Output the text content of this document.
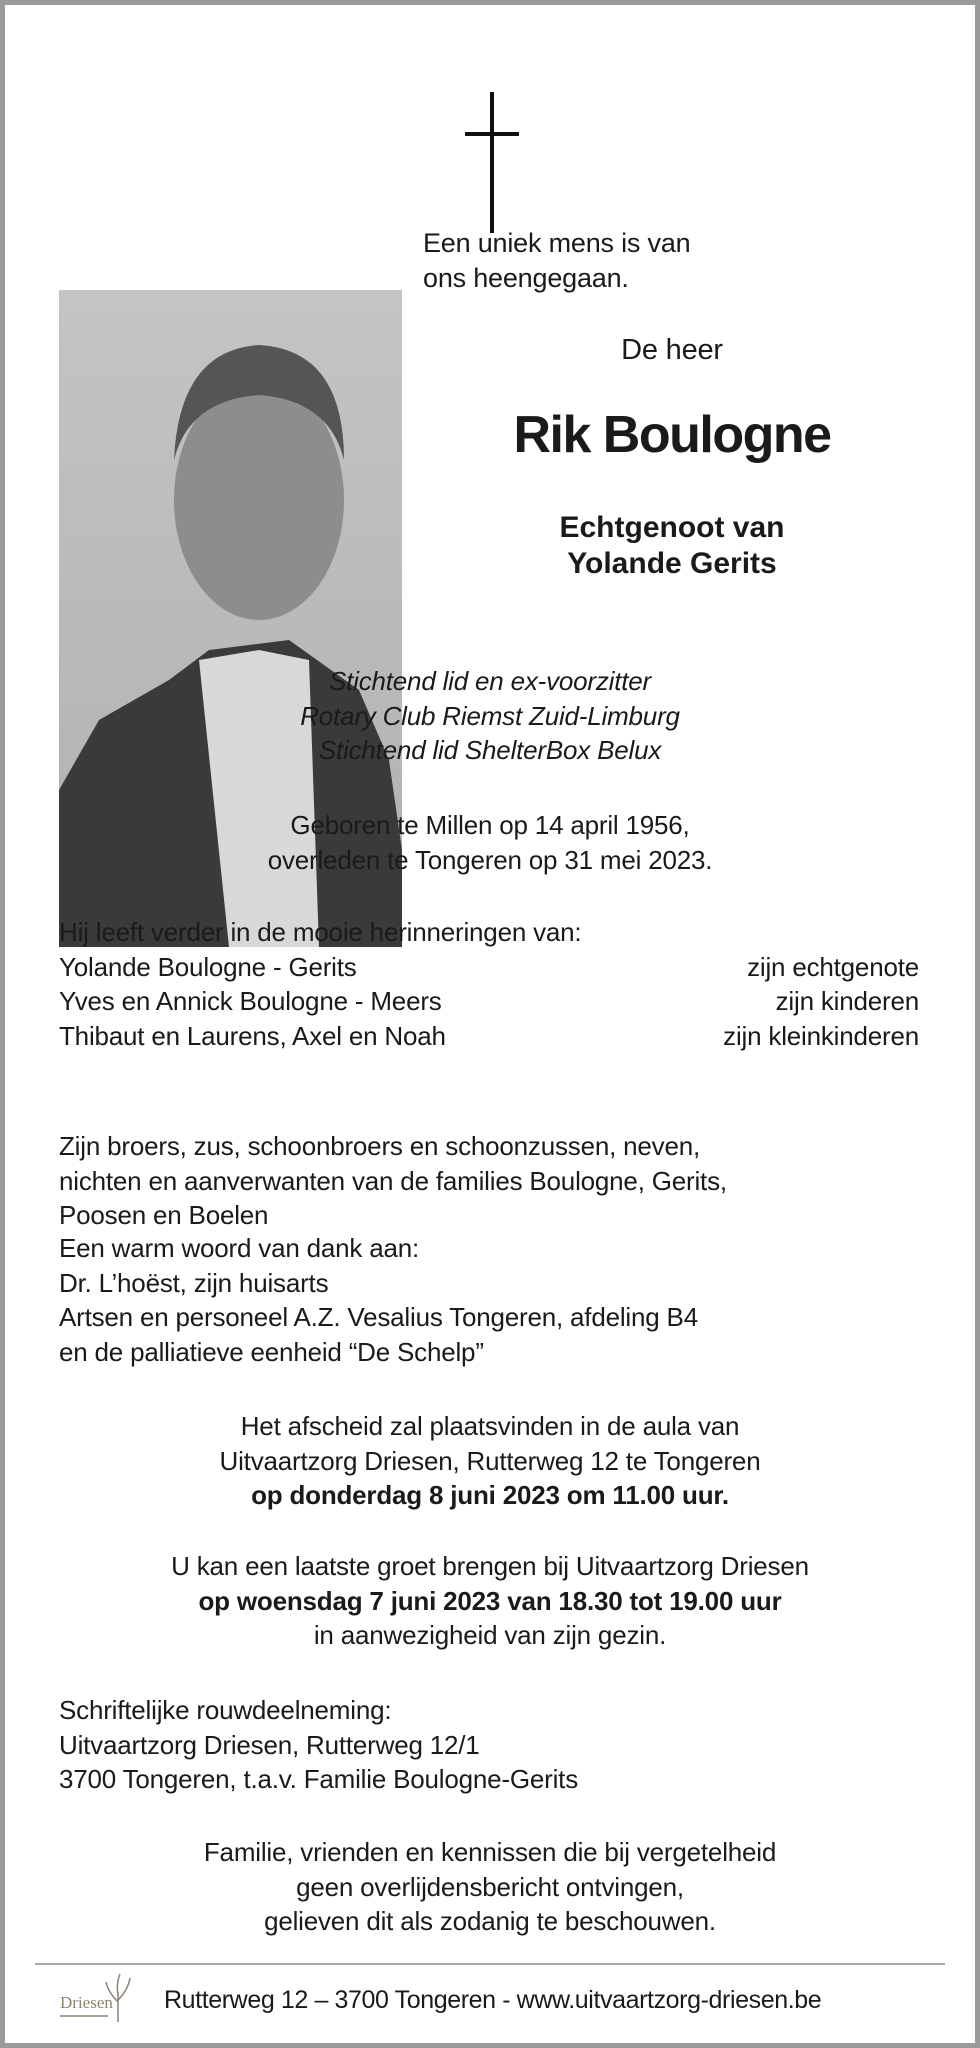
Een uniek mens is van
ons heengegaan.
De heer
Rik Boulogne
Echtgenoot van
Yolande Gerits
Stichtend lid en ex-voorzitter
Rotary Club Riemst Zuid-Limburg
Stichtend lid ShelterBox Belux
Geboren te Millen op 14 april 1956,
overleden te Tongeren op 31 mei 2023.
Hij leeft verder in de mooie herinneringen van:
Yolande Boulogne - Gerits	zijn echtgenote
Yves en Annick Boulogne - Meers	zijn kinderen
Thibaut en Laurens, Axel en Noah	zijn kleinkinderen
Zijn broers, zus, schoonbroers en schoonzussen, neven,
nichten en aanverwanten van de families Boulogne, Gerits,
Poosen en Boelen
Een warm woord van dank aan:
Dr. L’hoëst, zijn huisarts
Artsen en personeel A.Z. Vesalius Tongeren, afdeling B4
en de palliatieve eenheid “De Schelp”
Het afscheid zal plaatsvinden in de aula van
Uitvaartzorg Driesen, Rutterweg 12 te Tongeren
op donderdag 8 juni 2023 om 11.00 uur.
U kan een laatste groet brengen bij Uitvaartzorg Driesen
op woensdag 7 juni 2023 van 18.30 tot 19.00 uur
in aanwezigheid van zijn gezin.
Schriftelijke rouwdeelneming:
Uitvaartzorg Driesen, Rutterweg 12/1
3700 Tongeren, t.a.v. Familie Boulogne-Gerits
Familie, vrienden en kennissen die bij vergetelheid
geen overlijdensbericht ontvingen,
gelieven dit als zodanig te beschouwen.
Driesen Rutterweg 12 – 3700 Tongeren - www.uitvaartzorg-driesen.be
